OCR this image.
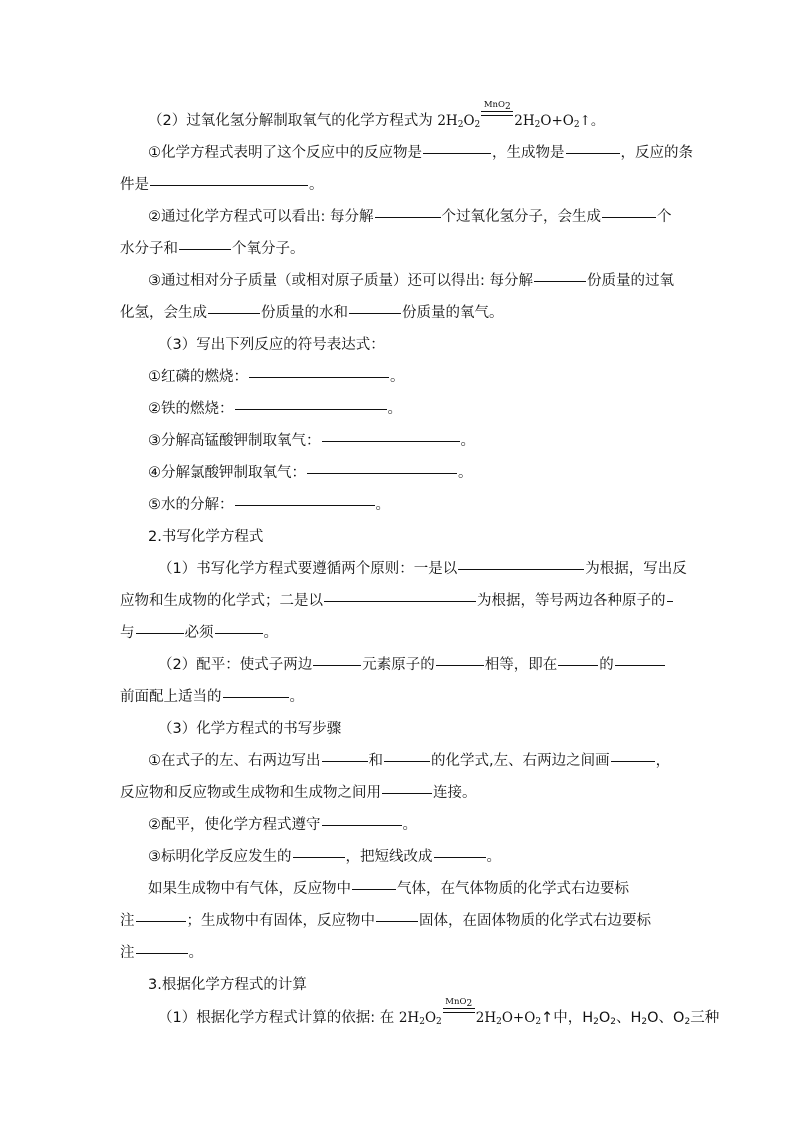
（2）过氧化氢分解制取氧气的化学方程式为 $2H_2O_2$
MnO$_2$
$2H_2O+O_2↑$。
①化学方程式表明了这个反应中的反应物是	，生成物是	，反应的条
件是	。
②通过化学方程式可以看出: 每分解	个过氧化氢分子，会生成	个
水分子和	个氧分子。
③通过相对分子质量（或相对原子质量）还可以得出: 每分解	份质量的过氧
化氢，会生成	份质量的水和	份质量的氧气。
（3）写出下列反应的符号表达式：
①红磷的燃烧：	。
②铁的燃烧：	。
③分解高锰酸钾制取氧气：	。
④分解氯酸钾制取氧气：	。
⑤水的分解：	。
2.书写化学方程式
（1）书写化学方程式要遵循两个原则：一是以	为根据，写出反
应物和生成物的化学式；二是以	为根据，等号两边各种原子的
与	必须	。
（2）配平：使式子两边	元素原子的	相等，即在	的
前面配上适当的	。
（3）化学方程式的书写步骤
①在式子的左、右两边写出	和	的化学式,左、右两边之间画	，
反应物和反应物或生成物和生成物之间用	连接。
②配平，使化学方程式遵守	。
③标明化学反应发生的	，把短线改成	。
如果生成物中有气体，反应物中	气体，在气体物质的化学式右边要标
注	；生成物中有固体，反应物中	固体，在固体物质的化学式右边要标
注	。
3.根据化学方程式的计算
（1）根据化学方程式计算的依据: 在 $2H_2O_2$
MnO$_2$
$2H_2O+O_2↑$中，$H_2O_2$、$H_2O$、$O_2$三种
